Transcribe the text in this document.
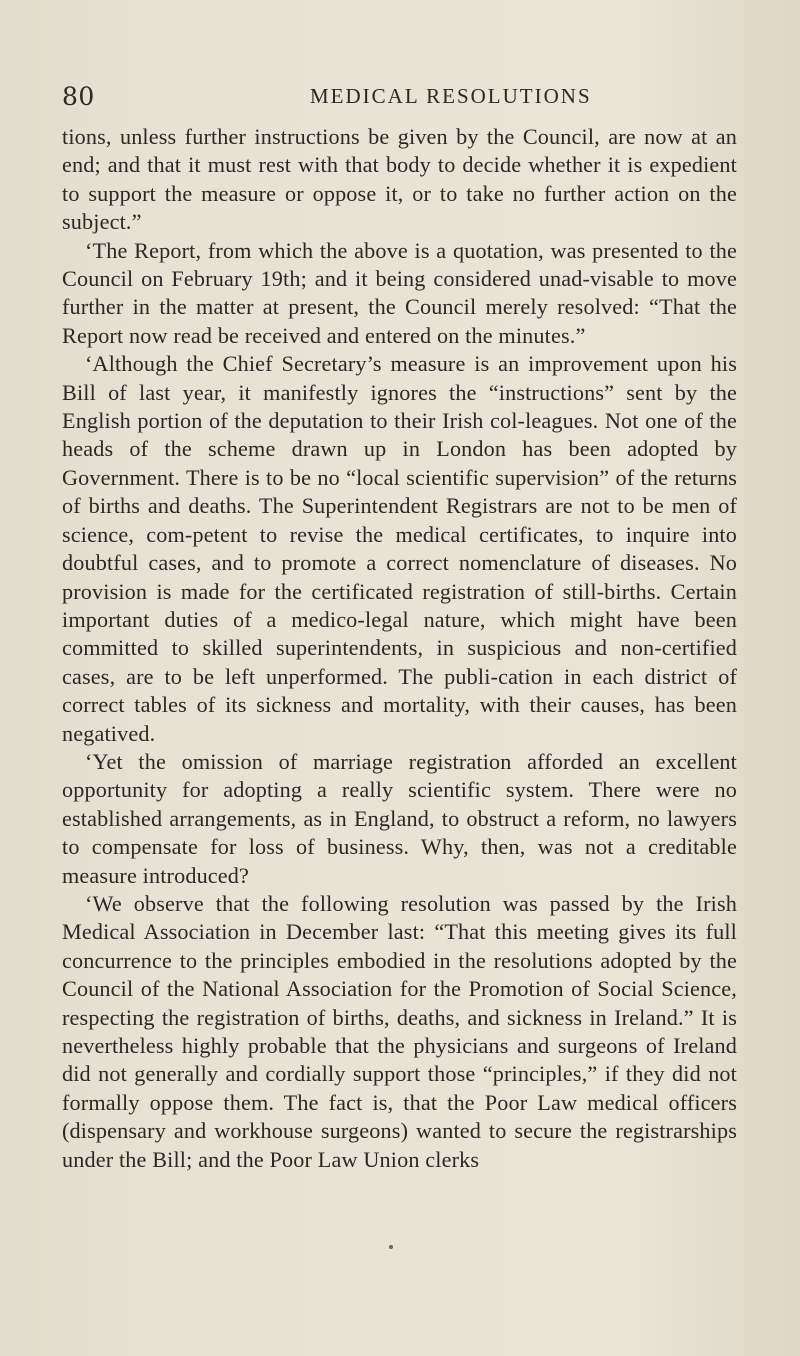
80	MEDICAL RESOLUTIONS

tions, unless further instructions be given by the Council, are now at an end; and that it must rest with that body to decide whether it is expedient to support the measure or oppose it, or to take no further action on the subject.”

‘The Report, from which the above is a quotation, was presented to the Council on February 19th; and it being considered unad-visable to move further in the matter at present, the Council merely resolved: “That the Report now read be received and entered on the minutes.”

‘Although the Chief Secretary’s measure is an improvement upon his Bill of last year, it manifestly ignores the “instructions” sent by the English portion of the deputation to their Irish col-leagues. Not one of the heads of the scheme drawn up in London has been adopted by Government. There is to be no “local scientific supervision” of the returns of births and deaths. The Superintendent Registrars are not to be men of science, com-petent to revise the medical certificates, to inquire into doubtful cases, and to promote a correct nomenclature of diseases. No provision is made for the certificated registration of still-births. Certain important duties of a medico-legal nature, which might have been committed to skilled superintendents, in suspicious and non-certified cases, are to be left unperformed. The publi-cation in each district of correct tables of its sickness and mortality, with their causes, has been negatived.

‘Yet the omission of marriage registration afforded an excellent opportunity for adopting a really scientific system. There were no established arrangements, as in England, to obstruct a reform, no lawyers to compensate for loss of business. Why, then, was not a creditable measure introduced?

‘We observe that the following resolution was passed by the Irish Medical Association in December last: “That this meeting gives its full concurrence to the principles embodied in the resolutions adopted by the Council of the National Association for the Promotion of Social Science, respecting the registration of births, deaths, and sickness in Ireland.” It is nevertheless highly probable that the physicians and surgeons of Ireland did not generally and cordially support those “principles,” if they did not formally oppose them. The fact is, that the Poor Law medical officers (dispensary and workhouse surgeons) wanted to secure the registrarships under the Bill; and the Poor Law Union clerks
